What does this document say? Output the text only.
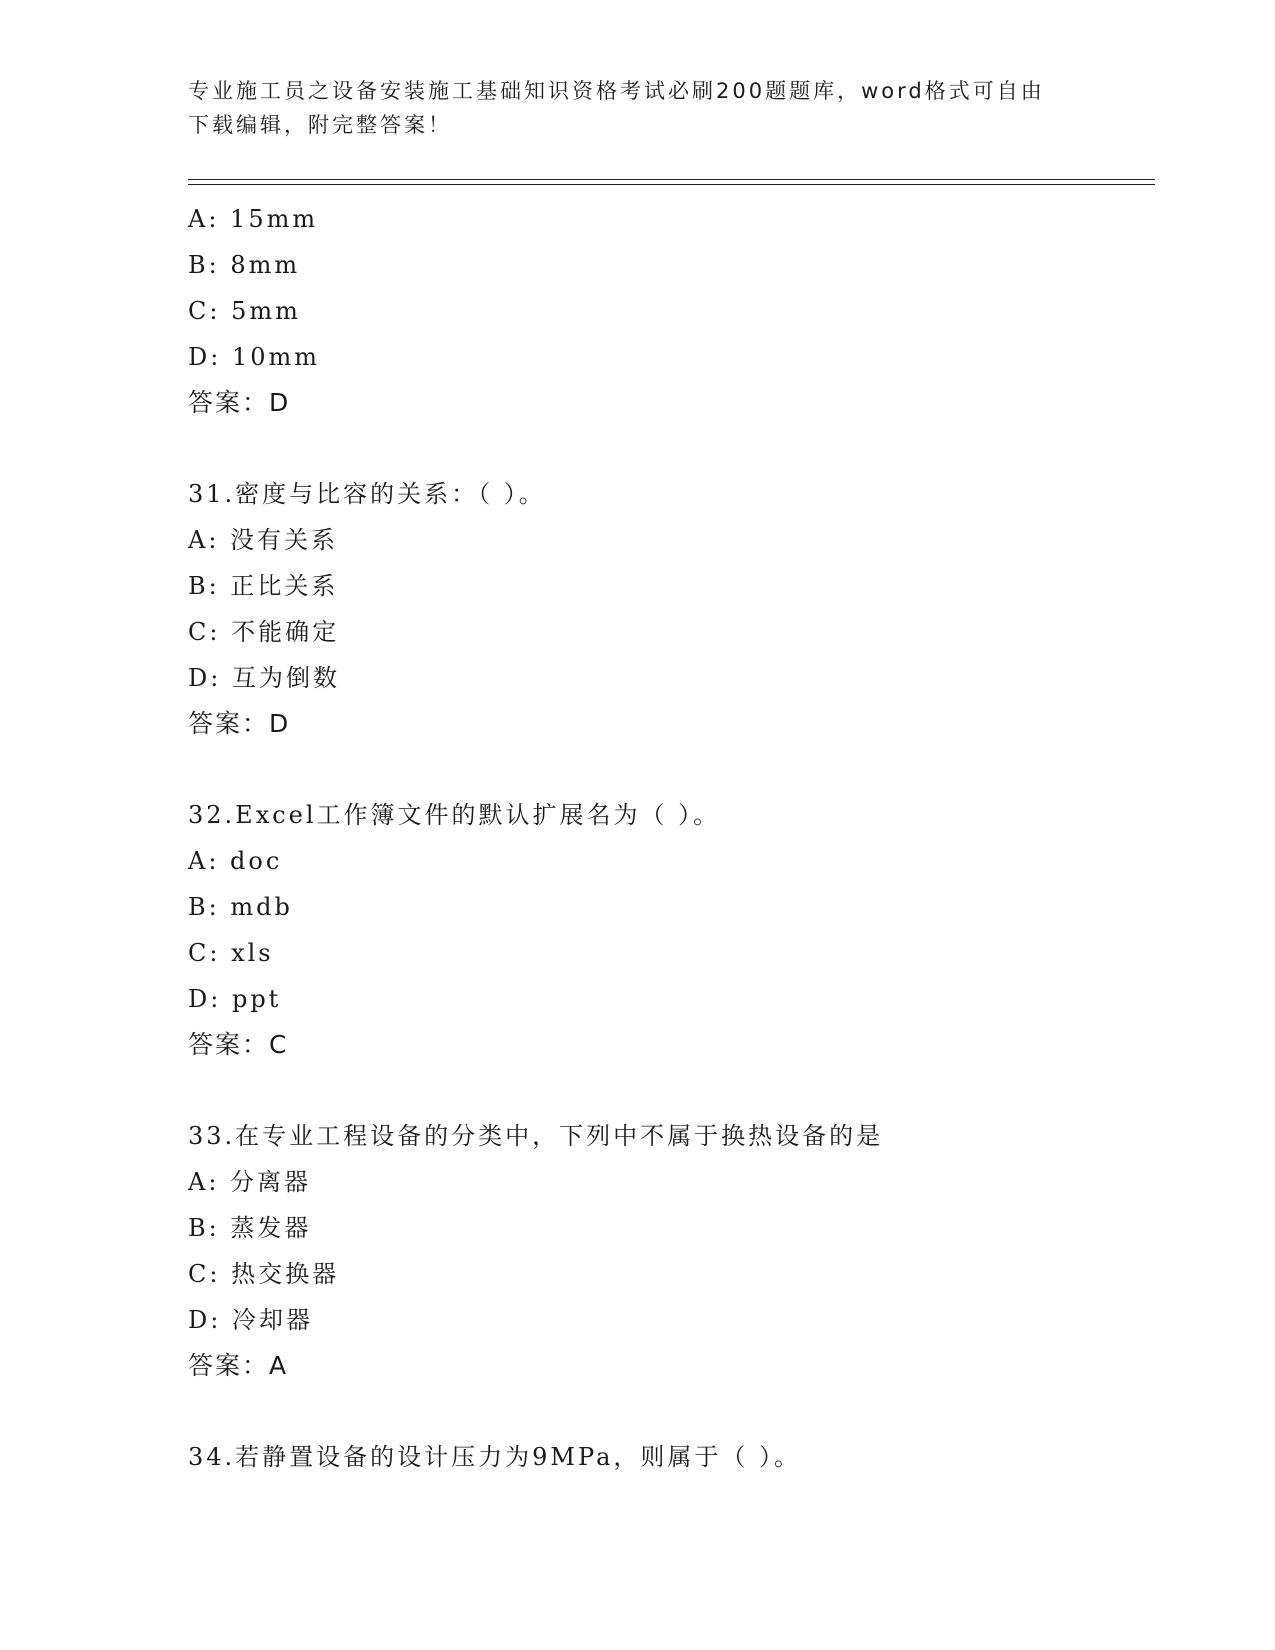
专业施工员之设备安装施工基础知识资格考试必刷200题题库，word格式可自由下载编辑，附完整答案！
A: 15mm
B: 8mm
C: 5mm
D: 10mm
答案：D
31.密度与比容的关系：（ ）。
A: 没有关系
B: 正比关系
C: 不能确定
D: 互为倒数
答案：D
32.Excel工作簿文件的默认扩展名为（ ）。
A: doc
B: mdb
C: xls
D: ppt
答案：C
33.在专业工程设备的分类中，下列中不属于换热设备的是
A: 分离器
B: 蒸发器
C: 热交换器
D: 冷却器
答案：A
34.若静置设备的设计压力为9MPa，则属于（ ）。
